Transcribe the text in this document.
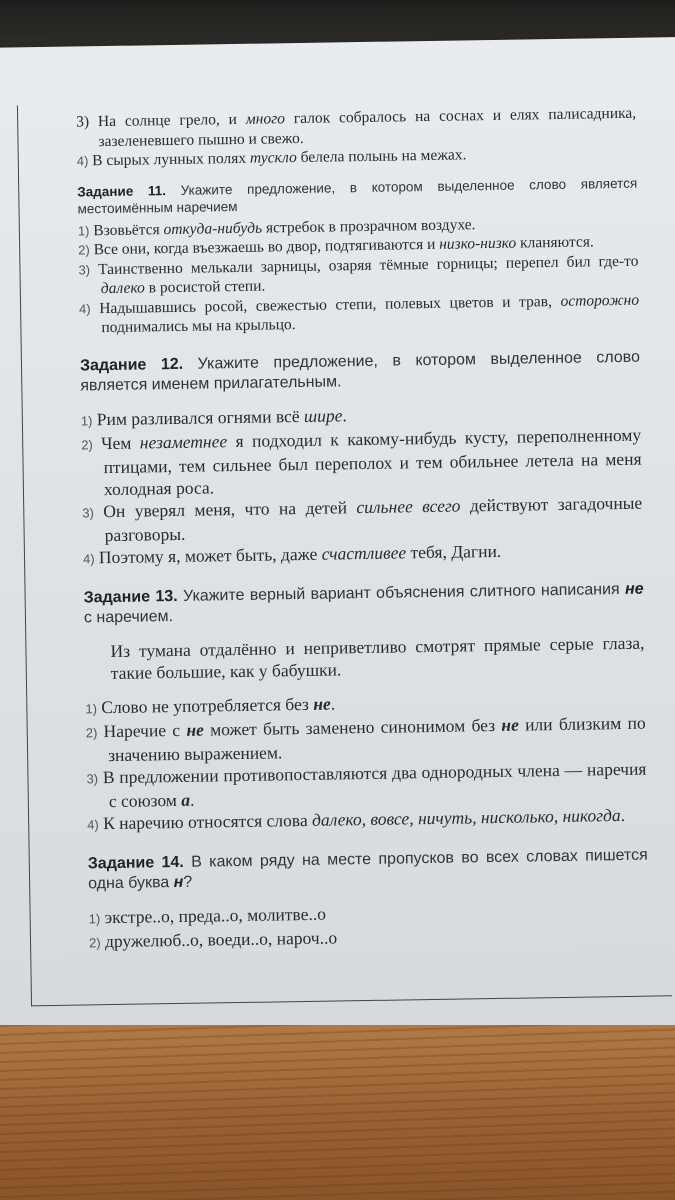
3) На солнце грело, и много галок собралось на соснах и елях палисадника, зазеленевшего пышно и свежо.

4) В сырых лунных полях тускло белела полынь на межах.

Задание 11. Укажите предложение, в котором выделенное слово является местоимённым наречием

1) Взовьётся откуда-нибудь ястребок в прозрачном воздухе.

2) Все они, когда въезжаешь во двор, подтягиваются и низко-низко кланяются.

3) Таинственно мелькали зарницы, озаряя тёмные горницы; перепел бил где-то далеко в росистой степи.

4) Надышавшись росой, свежестью степи, полевых цветов и трав, осторожно поднимались мы на крыльцо.

Задание 12. Укажите предложение, в котором выделенное слово является именем прилагательным.

1) Рим разливался огнями всё шире.

2) Чем незаметнее я подходил к какому-нибудь кусту, переполненному птицами, тем сильнее был переполох и тем обильнее летела на меня холодная роса.

3) Он уверял меня, что на детей сильнее всего действуют загадочные разговоры.

4) Поэтому я, может быть, даже счастливее тебя, Дагни.

Задание 13. Укажите верный вариант объяснения слитного написания не с наречием.

Из тумана отдалённо и неприветливо смотрят прямые серые глаза, такие большие, как у бабушки.

1) Слово не употребляется без не.

2) Наречие с не может быть заменено синонимом без не или близким по значению выражением.

3) В предложении противопоставляются два однородных члена — наречия с союзом а.

4) К наречию относятся слова далеко, вовсе, ничуть, нисколько, никогда.

Задание 14. В каком ряду на месте пропусков во всех словах пишется одна буква н?

1) экстре..о, преда..о, молитве..о

2) дружелюб..о, воеди..о, нароч..о
